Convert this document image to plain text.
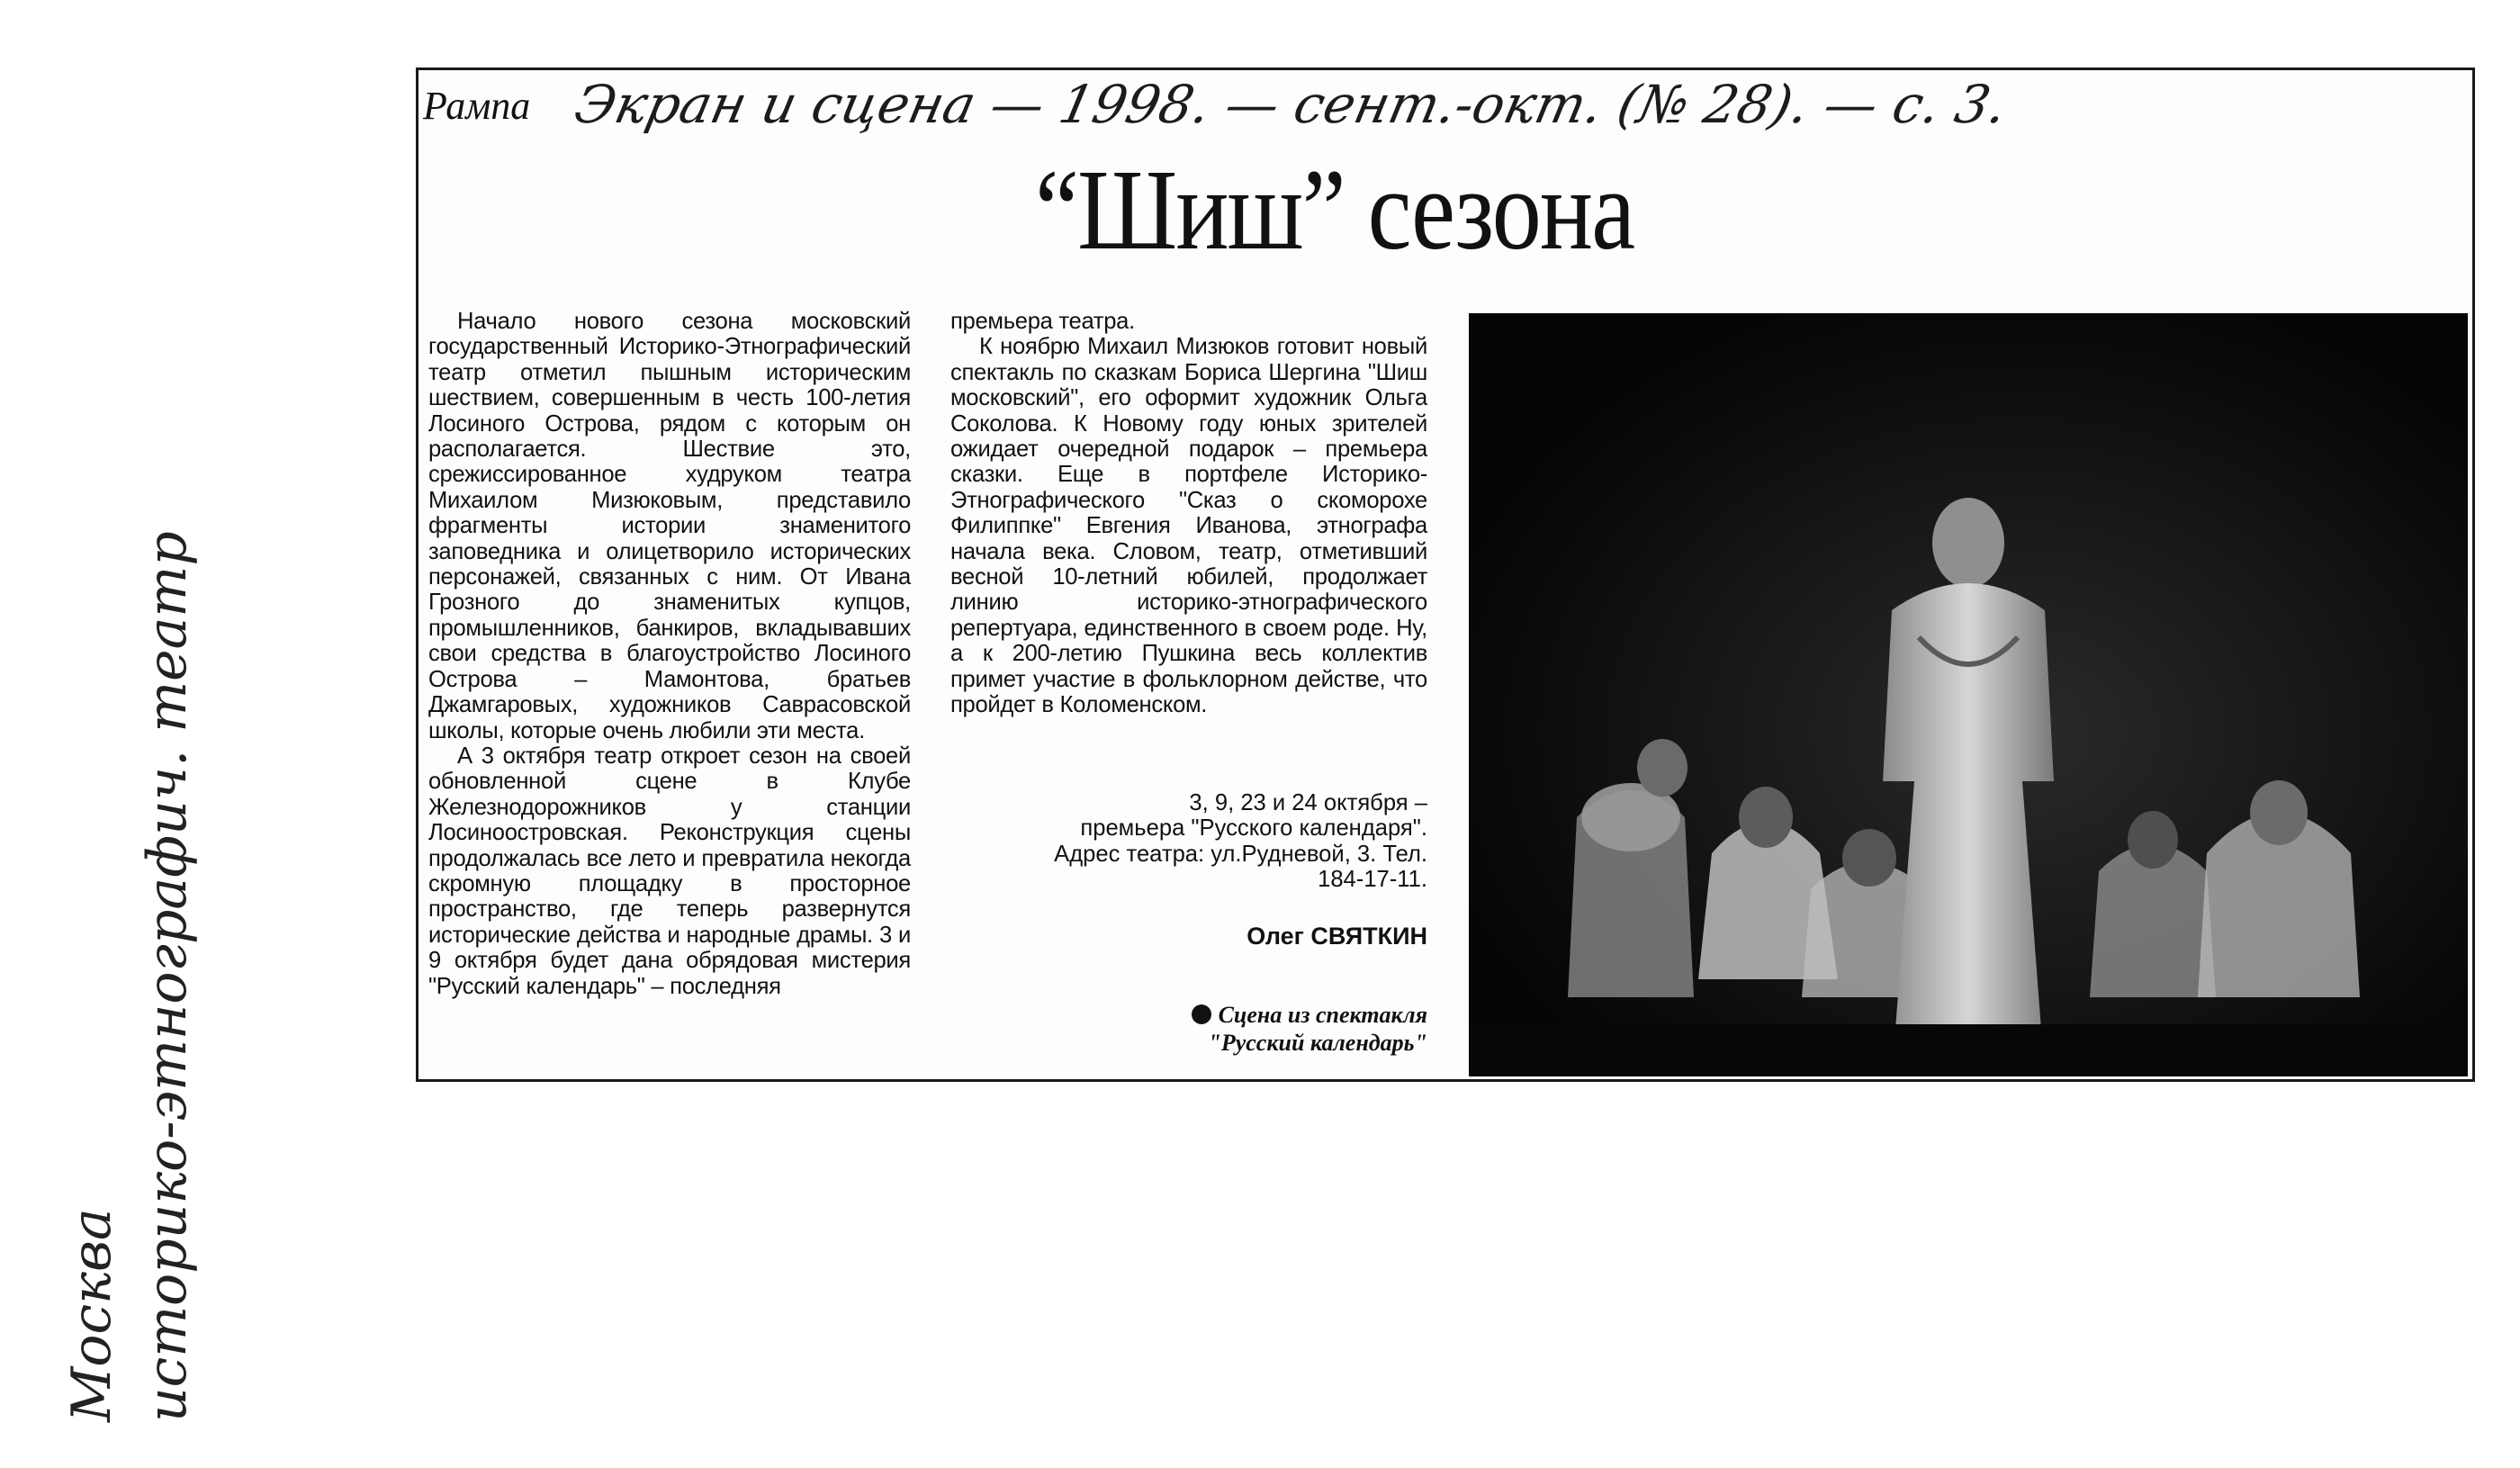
Рампа Экран и сцена — 1998. — сент.-окт. (№ 28). — с. 3.
“Шиш” сезона

Начало нового сезона московский государственный Историко-Этнографический театр отметил пышным историческим шествием, совершенным в честь 100-летия Лосиного Острова, рядом с которым он располагается. Шествие это, срежиссированное худруком театра Михаилом Мизюковым, представило фрагменты истории знаменитого заповедника и олицетворило исторических персонажей, связанных с ним. От Ивана Грозного до знаменитых купцов, промышленников, банкиров, вкладывавших свои средства в благоустройство Лосиного Острова – Мамонтова, братьев Джамгаровых, художников Саврасовской школы, которые очень любили эти места.

А 3 октября театр откроет сезон на своей обновленной сцене в Клубе Железнодорожников у станции Лосиноостровская. Реконструкция сцены продолжалась все лето и превратила некогда скромную площадку в просторное пространство, где теперь развернутся исторические действа и народные драмы. 3 и 9 октября будет дана обрядовая мистерия "Русский календарь" – последняя

премьера театра.

К ноябрю Михаил Мизюков готовит новый спектакль по сказкам Бориса Шергина "Шиш московский", его оформит художник Ольга Соколова. К Новому году юных зрителей ожидает очередной подарок – премьера сказки. Еще в портфеле Историко-Этнографического "Сказ о скоморохе Филиппке" Евгения Иванова, этнографа начала века. Словом, театр, отметивший весной 10-летний юбилей, продолжает линию историко-этнографического репертуара, единственного в своем роде. Ну, а к 200-летию Пушкина весь коллектив примет участие в фольклорном действе, что пройдет в Коломенском.

3, 9, 23 и 24 октября –
премьера "Русского календаря".
Адрес театра: ул.Рудневой, 3. Тел.
184-17-11.
Олег СВЯТКИН
Сцена из спектакля
"Русский календарь"
Москва историко-этнографич. театр
